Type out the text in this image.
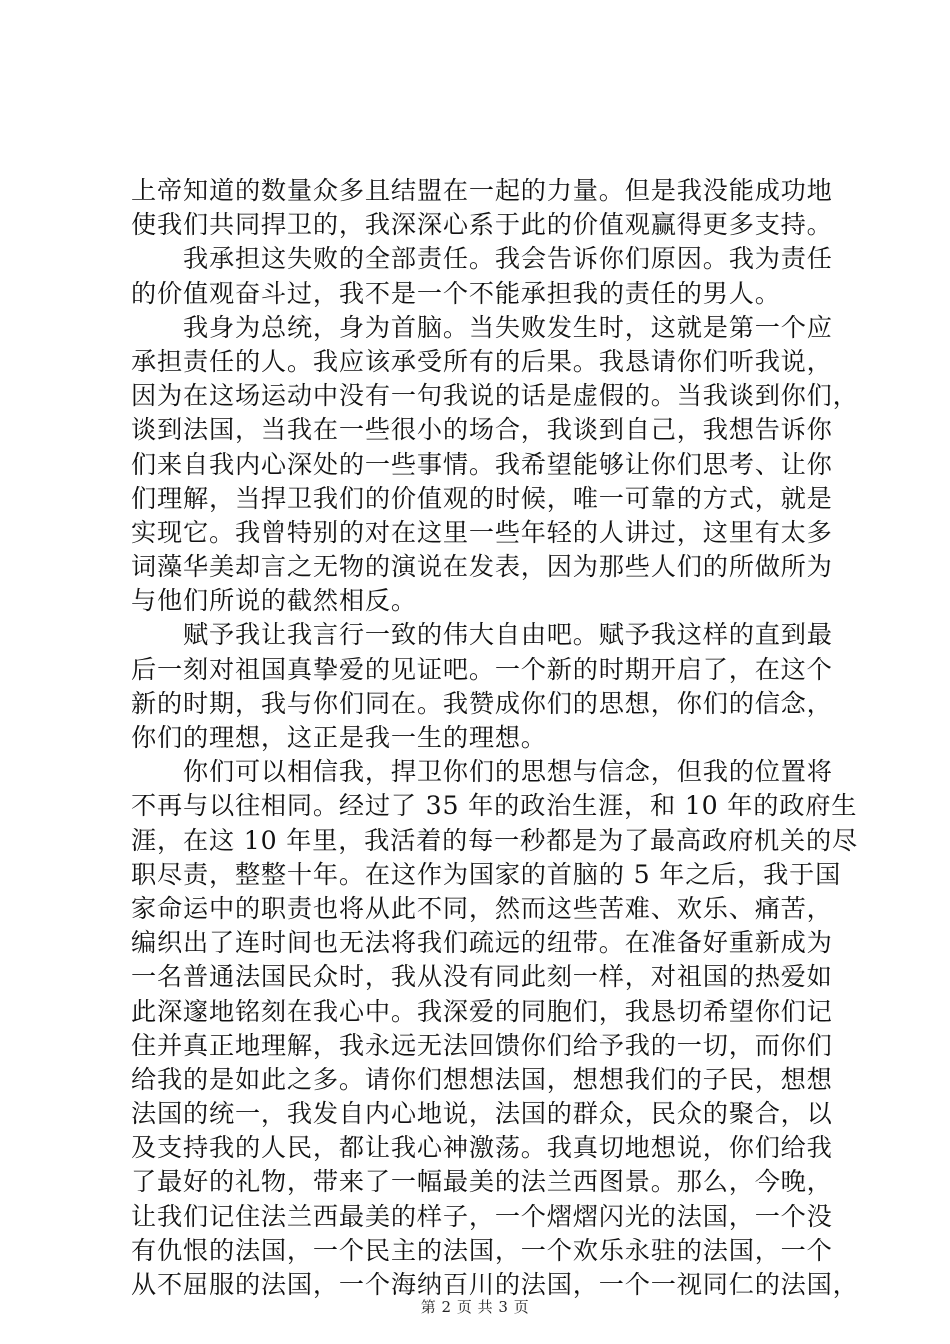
上帝知道的数量众多且结盟在一起的力量。但是我没能成功地
使我们共同捍卫的，我深深心系于此的价值观赢得更多支持。
我承担这失败的全部责任。我会告诉你们原因。我为责任
的价值观奋斗过，我不是一个不能承担我的责任的男人。
我身为总统，身为首脑。当失败发生时，这就是第一个应
承担责任的人。我应该承受所有的后果。我恳请你们听我说，
因为在这场运动中没有一句我说的话是虚假的。当我谈到你们，
谈到法国，当我在一些很小的场合，我谈到自己，我想告诉你
们来自我内心深处的一些事情。我希望能够让你们思考、让你
们理解，当捍卫我们的价值观的时候，唯一可靠的方式，就是
实现它。我曾特别的对在这里一些年轻的人讲过，这里有太多
词藻华美却言之无物的演说在发表，因为那些人们的所做所为
与他们所说的截然相反。
赋予我让我言行一致的伟大自由吧。赋予我这样的直到最
后一刻对祖国真挚爱的见证吧。一个新的时期开启了，在这个
新的时期，我与你们同在。我赞成你们的思想，你们的信念，
你们的理想，这正是我一生的理想。
你们可以相信我，捍卫你们的思想与信念，但我的位置将
不再与以往相同。经过了 35 年的政治生涯，和 10 年的政府生
涯，在这 10 年里，我活着的每一秒都是为了最高政府机关的尽
职尽责，整整十年。在这作为国家的首脑的 5 年之后，我于国
家命运中的职责也将从此不同，然而这些苦难、欢乐、痛苦，
编织出了连时间也无法将我们疏远的纽带。在准备好重新成为
一名普通法国民众时，我从没有同此刻一样，对祖国的热爱如
此深邃地铭刻在我心中。我深爱的同胞们，我恳切希望你们记
住并真正地理解，我永远无法回馈你们给予我的一切，而你们
给我的是如此之多。请你们想想法国，想想我们的子民，想想
法国的统一，我发自内心地说，法国的群众，民众的聚合，以
及支持我的人民，都让我心神激荡。我真切地想说，你们给我
了最好的礼物，带来了一幅最美的法兰西图景。那么，今晚，
让我们记住法兰西最美的样子，一个熠熠闪光的法国，一个没
有仇恨的法国，一个民主的法国，一个欢乐永驻的法国，一个
从不屈服的法国，一个海纳百川的法国，一个一视同仁的法国，
第 2 页 共 3 页
